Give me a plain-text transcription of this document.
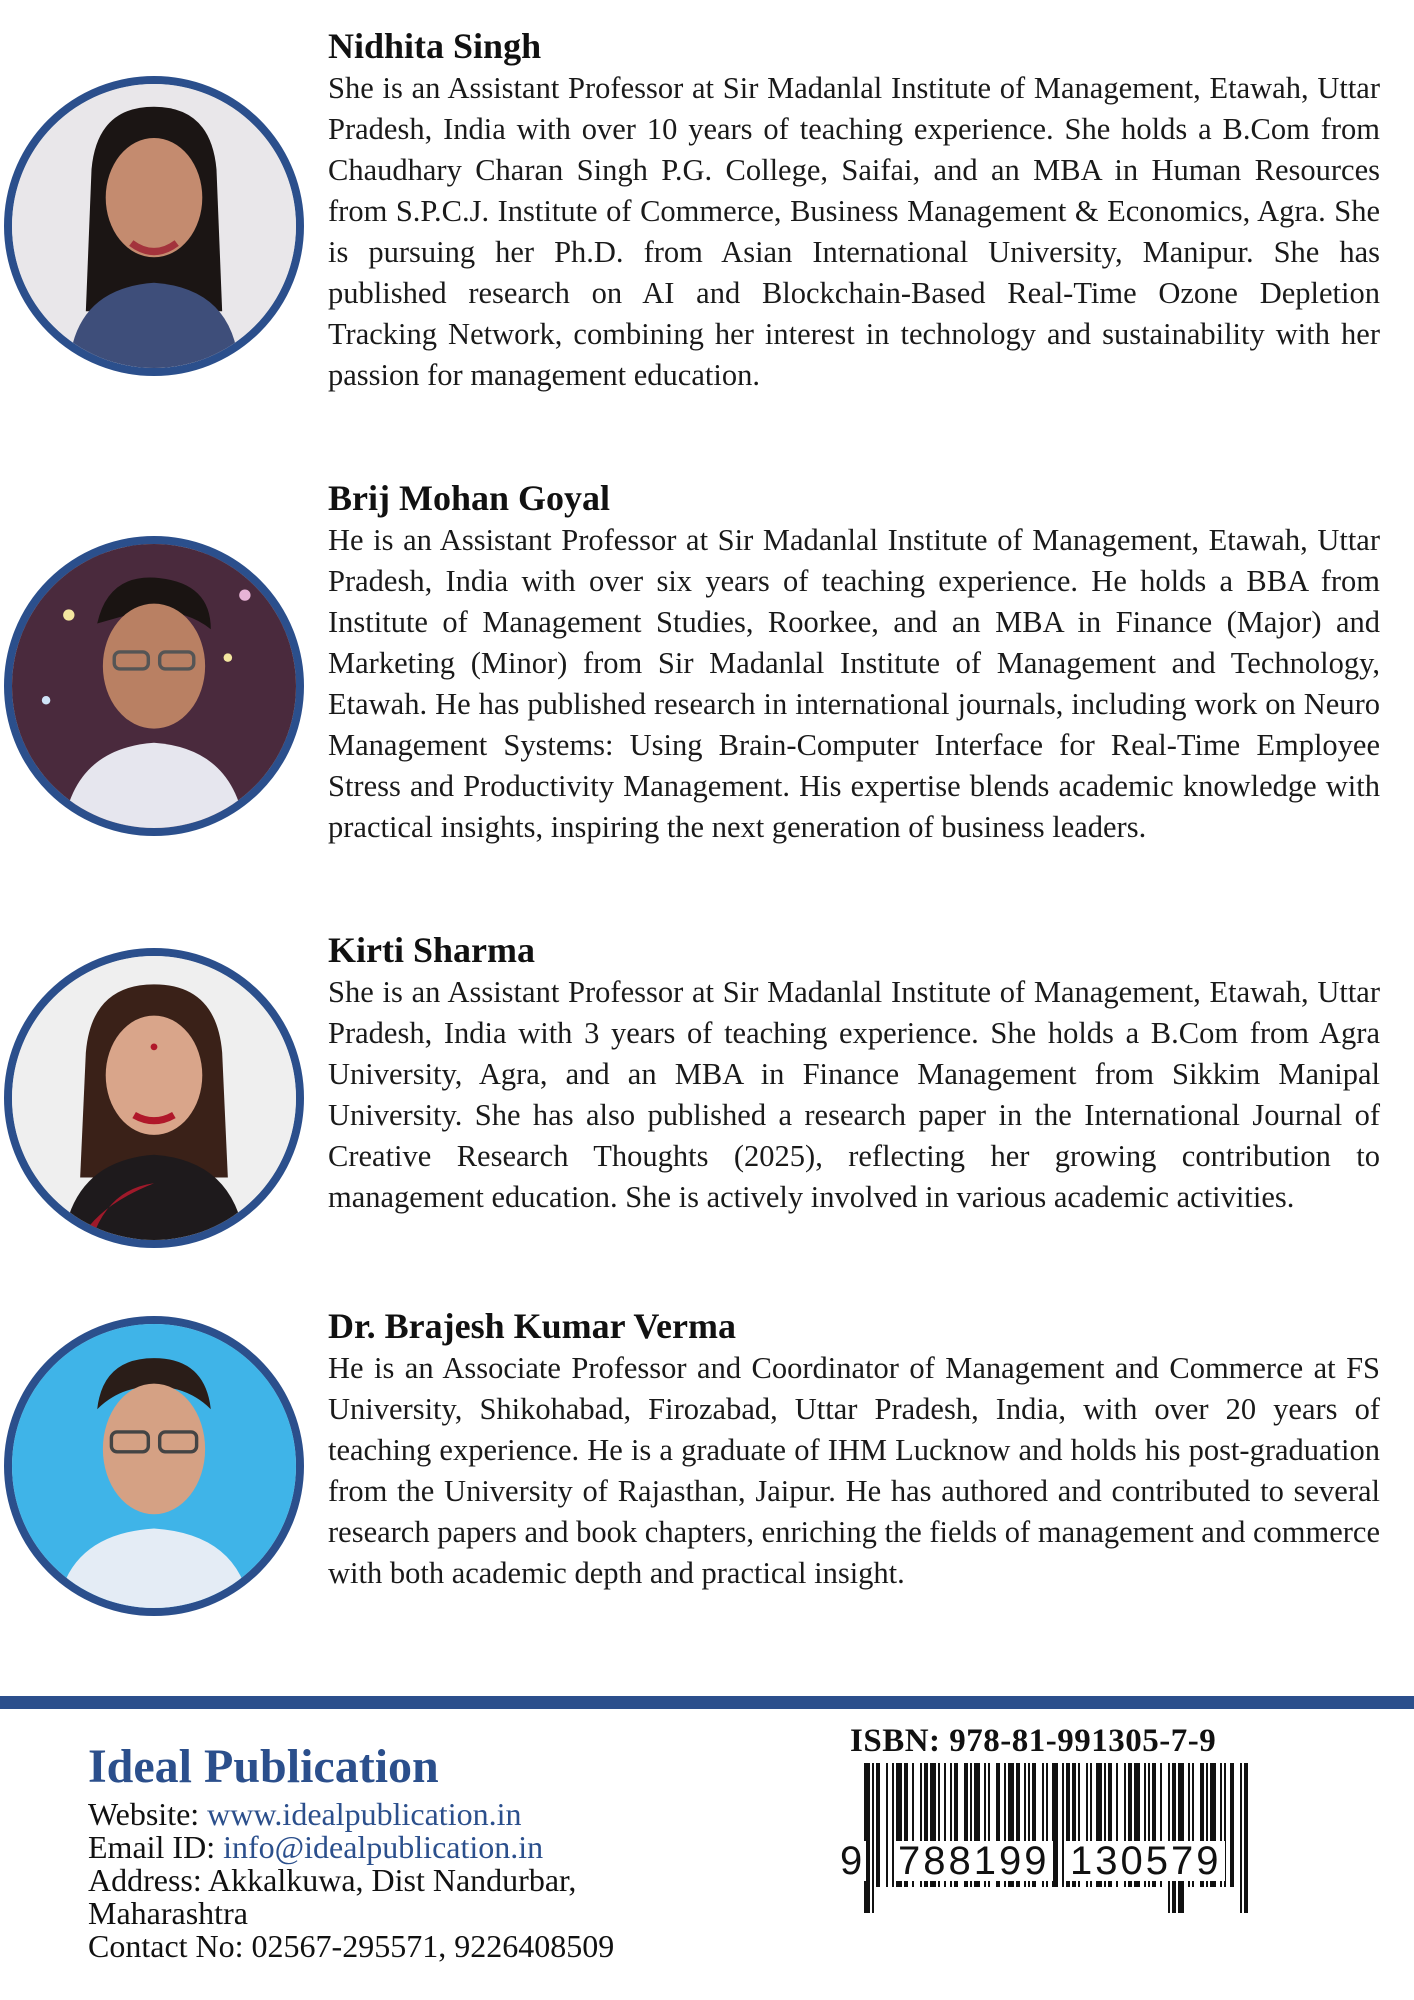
Nidhita Singh

She is an Assistant Professor at Sir Madanlal Institute of Management, Etawah, Uttar Pradesh, India with over 10 years of teaching experience. She holds a B.Com from Chaudhary Charan Singh P.G. College, Saifai, and an MBA in Human Resources from S.P.C.J. Institute of Commerce, Business Management & Economics, Agra. She is pursuing her Ph.D. from Asian International University, Manipur. She has published research on AI and Blockchain-Based Real-Time Ozone Depletion Tracking Network, combining her interest in technology and sustainability with her passion for management education.

Brij Mohan Goyal

He is an Assistant Professor at Sir Madanlal Institute of Management, Etawah, Uttar Pradesh, India with over six years of teaching experience. He holds a BBA from Institute of Management Studies, Roorkee, and an MBA in Finance (Major) and Marketing (Minor) from Sir Madanlal Institute of Management and Technology, Etawah. He has published research in international journals, including work on Neuro Management Systems: Using Brain-Computer Interface for Real-Time Employee Stress and Productivity Management. His expertise blends academic knowledge with practical insights, inspiring the next generation of business leaders.

Kirti Sharma

She is an Assistant Professor at Sir Madanlal Institute of Management, Etawah, Uttar Pradesh, India with 3 years of teaching experience. She holds a B.Com from Agra University, Agra, and an MBA in Finance Management from Sikkim Manipal University. She has also published a research paper in the International Journal of Creative Research Thoughts (2025), reflecting her growing contribution to management education. She is actively involved in various academic activities.

Dr. Brajesh Kumar Verma

He is an Associate Professor and Coordinator of Management and Commerce at FS University, Shikohabad, Firozabad, Uttar Pradesh, India, with over 20 years of teaching experience. He is a graduate of IHM Lucknow and holds his post-graduation from the University of Rajasthan, Jaipur. He has authored and contributed to several research papers and book chapters, enriching the fields of management and commerce with both academic depth and practical insight.

Ideal Publication

Website: www.idealpublication.in

Email ID: info@idealpublication.in

Address: Akkalkuwa, Dist Nandurbar,

Maharashtra

Contact No: 02567-295571, 9226408509

ISBN: 978-81-991305-7-9

9 788199 130579
